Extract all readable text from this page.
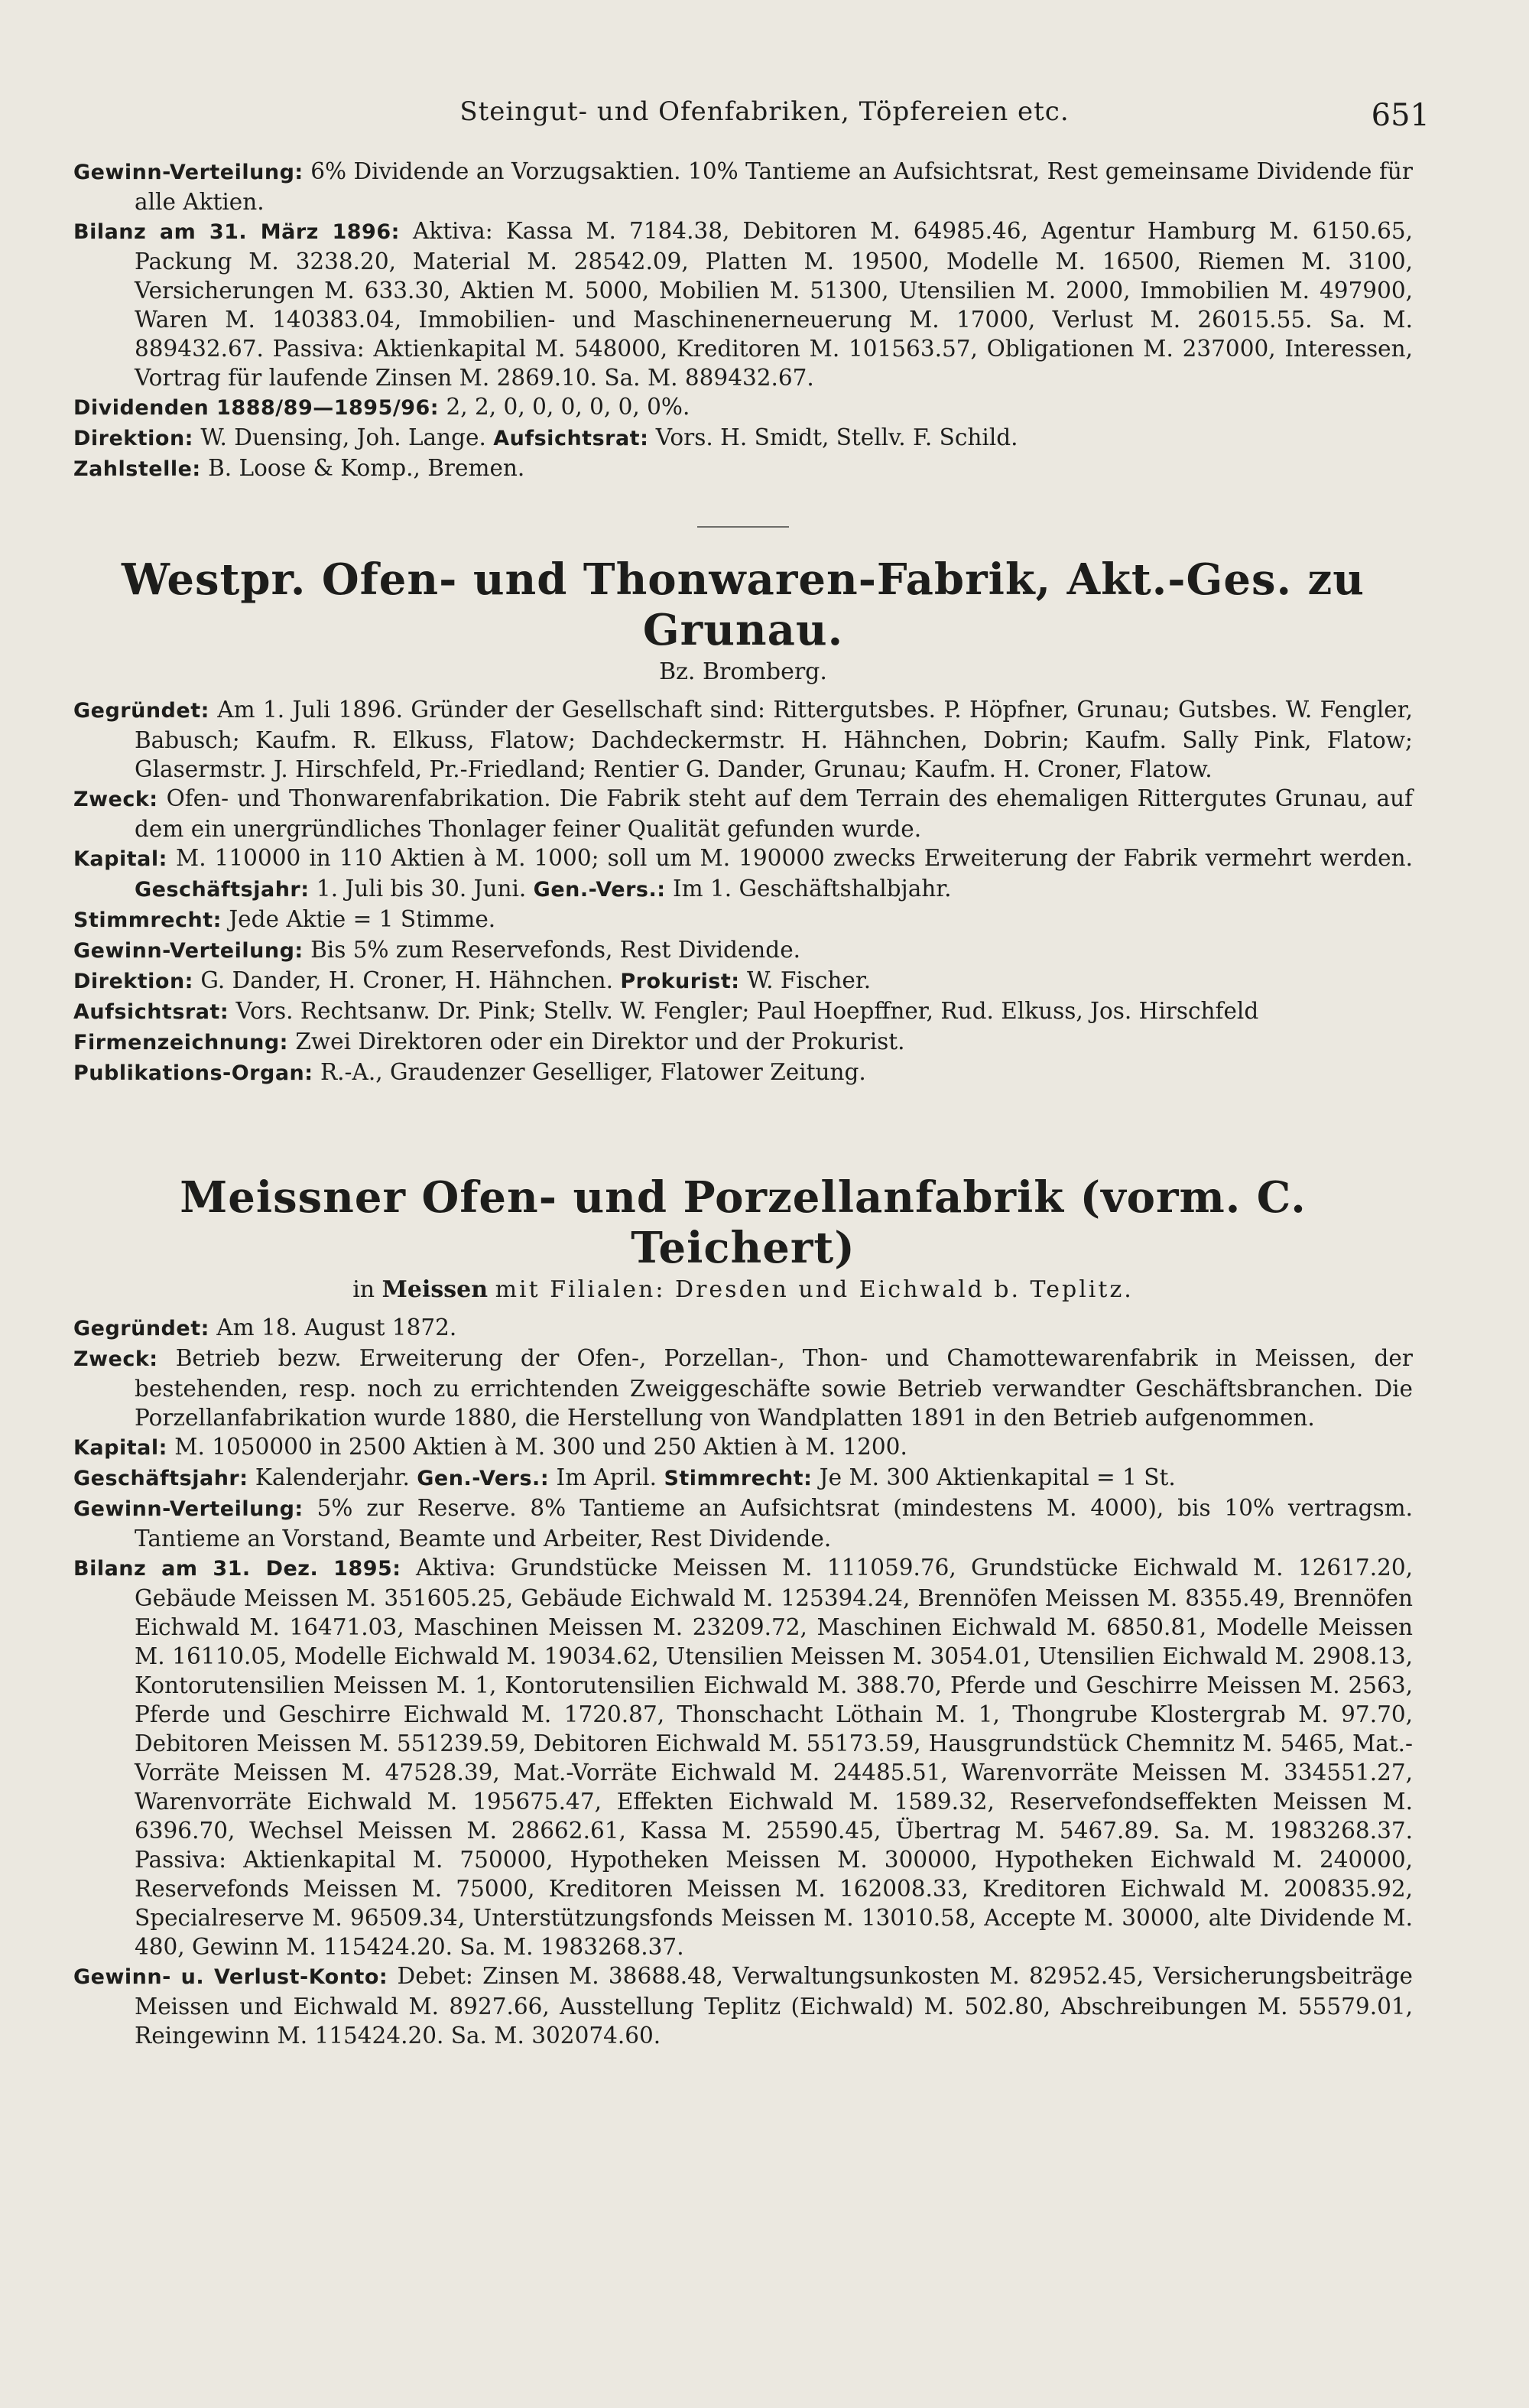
Steingut- und Ofenfabriken, Töpfereien etc.	651

Gewinn-Verteilung: 6% Dividende an Vorzugsaktien. 10% Tantieme an Aufsichtsrat, Rest gemeinsame Dividende für alle Aktien.

Bilanz am 31. März 1896: Aktiva: Kassa M. 7184.38, Debitoren M. 64985.46, Agentur Hamburg M. 6150.65, Packung M. 3238.20, Material M. 28542.09, Platten M. 19500, Modelle M. 16500, Riemen M. 3100, Versicherungen M. 633.30, Aktien M. 5000, Mobilien M. 51300, Utensilien M. 2000, Immobilien M. 497900, Waren M. 140383.04, Immobilien- und Maschinenerneuerung M. 17000, Verlust M. 26015.55. Sa. M. 889432.67. Passiva: Aktienkapital M. 548000, Kreditoren M. 101563.57, Obligationen M. 237000, Interessen, Vortrag für laufende Zinsen M. 2869.10. Sa. M. 889432.67.

Dividenden 1888/89—1895/96: 2, 2, 0, 0, 0, 0, 0, 0%.

Direktion: W. Duensing, Joh. Lange. Aufsichtsrat: Vors. H. Smidt, Stellv. F. Schild.

Zahlstelle: B. Loose & Komp., Bremen.

Westpr. Ofen- und Thonwaren-Fabrik, Akt.-Ges. zu Grunau.
Bz. Bromberg.

Gegründet: Am 1. Juli 1896. Gründer der Gesellschaft sind: Rittergutsbes. P. Höpfner, Grunau; Gutsbes. W. Fengler, Babusch; Kaufm. R. Elkuss, Flatow; Dachdeckermstr. H. Hähnchen, Dobrin; Kaufm. Sally Pink, Flatow; Glasermstr. J. Hirschfeld, Pr.-Friedland; Rentier G. Dander, Grunau; Kaufm. H. Croner, Flatow.

Zweck: Ofen- und Thonwarenfabrikation. Die Fabrik steht auf dem Terrain des ehemaligen Rittergutes Grunau, auf dem ein unergründliches Thonlager feiner Qualität gefunden wurde.

Kapital: M. 110000 in 110 Aktien à M. 1000; soll um M. 190000 zwecks Erweiterung der Fabrik vermehrt werden. Geschäftsjahr: 1. Juli bis 30. Juni. Gen.-Vers.: Im 1. Geschäftshalbjahr.

Stimmrecht: Jede Aktie = 1 Stimme.

Gewinn-Verteilung: Bis 5% zum Reservefonds, Rest Dividende.

Direktion: G. Dander, H. Croner, H. Hähnchen. Prokurist: W. Fischer.

Aufsichtsrat: Vors. Rechtsanw. Dr. Pink; Stellv. W. Fengler; Paul Hoepffner, Rud. Elkuss, Jos. Hirschfeld

Firmenzeichnung: Zwei Direktoren oder ein Direktor und der Prokurist.

Publikations-Organ: R.-A., Graudenzer Geselliger, Flatower Zeitung.

Meissner Ofen- und Porzellanfabrik (vorm. C. Teichert)
in Meissen mit Filialen: Dresden und Eichwald b. Teplitz.

Gegründet: Am 18. August 1872.

Zweck: Betrieb bezw. Erweiterung der Ofen-, Porzellan-, Thon- und Chamottewarenfabrik in Meissen, der bestehenden, resp. noch zu errichtenden Zweiggeschäfte sowie Betrieb verwandter Geschäftsbranchen. Die Porzellanfabrikation wurde 1880, die Herstellung von Wandplatten 1891 in den Betrieb aufgenommen.

Kapital: M. 1050000 in 2500 Aktien à M. 300 und 250 Aktien à M. 1200.

Geschäftsjahr: Kalenderjahr. Gen.-Vers.: Im April. Stimmrecht: Je M. 300 Aktienkapital = 1 St.

Gewinn-Verteilung: 5% zur Reserve. 8% Tantieme an Aufsichtsrat (mindestens M. 4000), bis 10% vertragsm. Tantieme an Vorstand, Beamte und Arbeiter, Rest Dividende.

Bilanz am 31. Dez. 1895: Aktiva: Grundstücke Meissen M. 111059.76, Grundstücke Eichwald M. 12617.20, Gebäude Meissen M. 351605.25, Gebäude Eichwald M. 125394.24, Brennöfen Meissen M. 8355.49, Brennöfen Eichwald M. 16471.03, Maschinen Meissen M. 23209.72, Maschinen Eichwald M. 6850.81, Modelle Meissen M. 16110.05, Modelle Eichwald M. 19034.62, Utensilien Meissen M. 3054.01, Utensilien Eichwald M. 2908.13, Kontorutensilien Meissen M. 1, Kontorutensilien Eichwald M. 388.70, Pferde und Geschirre Meissen M. 2563, Pferde und Geschirre Eichwald M. 1720.87, Thonschacht Löthain M. 1, Thongrube Klostergrab M. 97.70, Debitoren Meissen M. 551239.59, Debitoren Eichwald M. 55173.59, Hausgrundstück Chemnitz M. 5465, Mat.-Vorräte Meissen M. 47528.39, Mat.-Vorräte Eichwald M. 24485.51, Warenvorräte Meissen M. 334551.27, Warenvorräte Eichwald M. 195675.47, Effekten Eichwald M. 1589.32, Reservefondseffekten Meissen M. 6396.70, Wechsel Meissen M. 28662.61, Kassa M. 25590.45, Übertrag M. 5467.89. Sa. M. 1983268.37. Passiva: Aktienkapital M. 750000, Hypotheken Meissen M. 300000, Hypotheken Eichwald M. 240000, Reservefonds Meissen M. 75000, Kreditoren Meissen M. 162008.33, Kreditoren Eichwald M. 200835.92, Specialreserve M. 96509.34, Unterstützungsfonds Meissen M. 13010.58, Accepte M. 30000, alte Dividende M. 480, Gewinn M. 115424.20. Sa. M. 1983268.37.

Gewinn- u. Verlust-Konto: Debet: Zinsen M. 38688.48, Verwaltungsunkosten M. 82952.45, Versicherungsbeiträge Meissen und Eichwald M. 8927.66, Ausstellung Teplitz (Eichwald) M. 502.80, Abschreibungen M. 55579.01, Reingewinn M. 115424.20. Sa. M. 302074.60.
